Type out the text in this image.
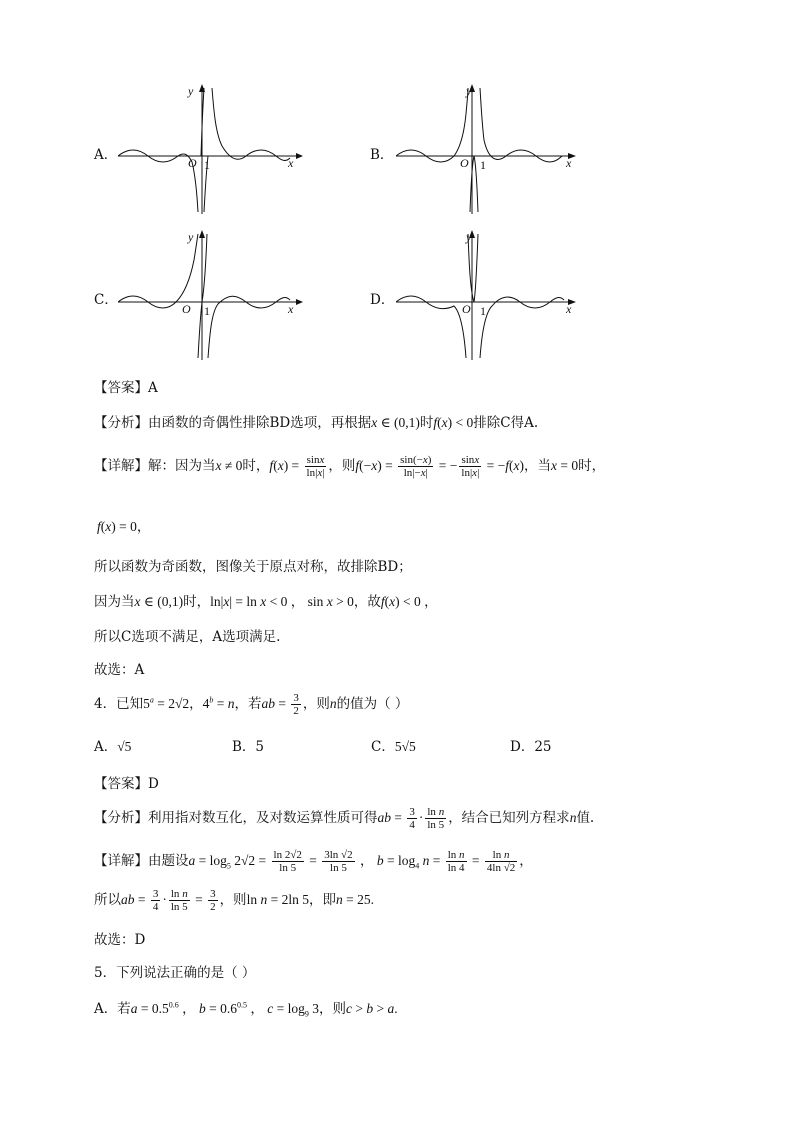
A．
y
x
O 1
B．
y
x
O 1
C．
y
x
O 1
D．
y
x
O 1
【答案】A
【分析】由函数的奇偶性排除BD选项，再根据x ∈ (0,1)时f(x) < 0排除C得A.
【详解】解：因为当x ≠ 0时，$f(x) = \frac{\sin x}{\ln|x|}$ ，则$f(-x) = \frac{\sin(-x)}{\ln|-x|}$ = − $\frac{\sin x}{\ln|x|} = -f(x)$，当x = 0时，
f(x) = 0，
所以函数为奇函数，图像关于原点对称，故排除BD；
因为当x ∈ (0,1)时，ln|x| = ln x < 0 ， sin x > 0，故f(x) < 0 ，
所以C选项不满足，A选项满足.
故选：A
4．已知$5^a = 2√2$，$4^b = n$，若ab = $\frac{3}{2}$ ，则n的值为（ ）
A．√5	B．5	C．5√5	D．25
【答案】D
【分析】利用指对数互化，及对数运算性质可得ab = $\frac{3}{4} \cdot \frac{\text{ln n}}{\ln 5}$ ，结合已知列方程求n值.
【详解】由题设$a = \log_5 2√2 = \frac{\ln 2√2}{\ln 5} = \frac{3\ln √2}{\ln 5}$ ， $b = \log_4 n = \frac{\text{ln n}}{\ln 4} = \frac{\text{ln n}}{4\ln √2}$ ，
所以ab = $\frac{3}{4} \cdot \frac{\text{ln n}}{\ln 5} = \frac{3}{2}$ ，则ln n = 2ln 5，即n = 25.
故选：D
5．下列说法正确的是（ ）
A．若$a = 0.5^{0.6}$ ， $b = 0.6^{0.5}$ ， $c = \log_9 3$，则c > b > a.
